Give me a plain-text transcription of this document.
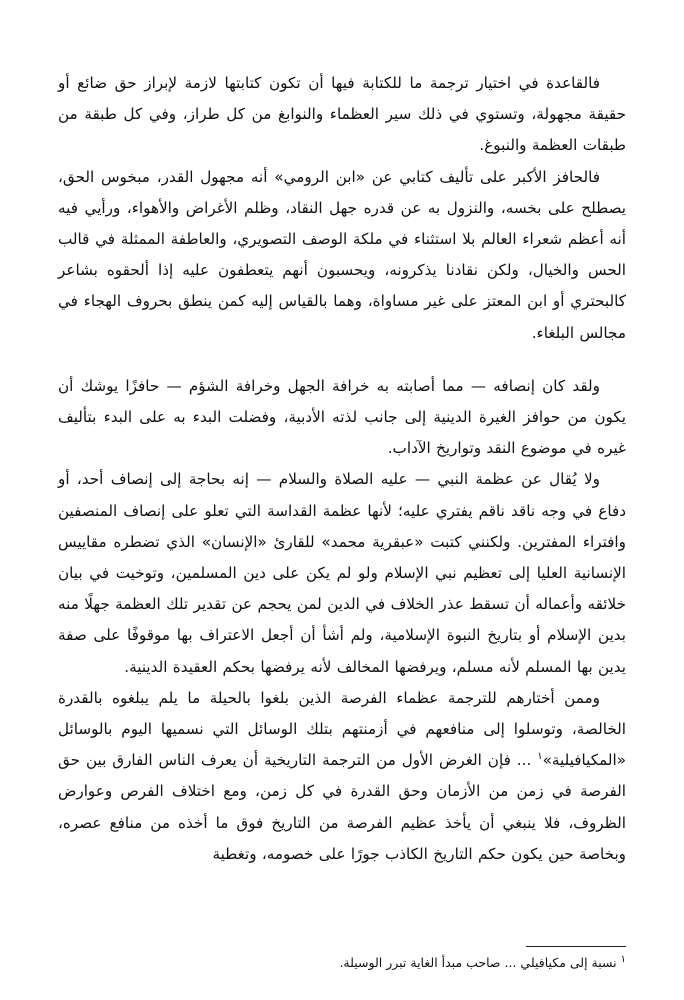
فالقاعدة في اختيار ترجمة ما للكتابة فيها أن تكون كتابتها لازمة لإبراز حق ضائع أو حقيقة مجهولة، وتستوي في ذلك سير العظماء والنوابغ من كل طراز، وفي كل طبقة من طبقات العظمة والنبوغ.

فالحافز الأكبر على تأليف كتابي عن «ابن الرومي» أنه مجهول القدر، مبخوس الحق، يصطلح على بخسه، والنزول به عن قدره جهل النقاد، وظلم الأغراض والأهواء، ورأيي فيه أنه أعظم شعراء العالم بلا استثناء في ملكة الوصف التصويري، والعاطفة الممثلة في قالب الحس والخيال، ولكن نقادنا يذكرونه، ويحسبون أنهم يتعطفون عليه إذا ألحقوه بشاعر كالبحتري أو ابن المعتز على غير مساواة، وهما بالقياس إليه كمن ينطق بحروف الهجاء في مجالس البلغاء.

ولقد كان إنصافه — مما أصابته به خرافة الجهل وخرافة الشؤم — حافزًا يوشك أن يكون من حوافز الغيرة الدينية إلى جانب لذته الأدبية، وفضلت البدء به على البدء بتأليف غيره في موضوع النقد وتواريخ الآداب.

ولا يُقال عن عظمة النبي — عليه الصلاة والسلام — إنه بحاجة إلى إنصاف أحد، أو دفاع في وجه ناقد ناقم يفتري عليه؛ لأنها عظمة القداسة التي تعلو على إنصاف المنصفين وافتراء المفترين. ولكنني كتبت «عبقرية محمد» للقارئ «الإنسان» الذي تضطره مقاييس الإنسانية العليا إلى تعظيم نبي الإسلام ولو لم يكن على دين المسلمين، وتوخيت في بيان خلائقه وأعماله أن تسقط عذر الخلاف في الدين لمن يحجم عن تقدير تلك العظمة جهلًا منه بدين الإسلام أو بتاريخ النبوة الإسلامية، ولم أشأ أن أجعل الاعتراف بها موقوفًا على صفة يدين بها المسلم لأنه مسلم، ويرفضها المخالف لأنه يرفضها بحكم العقيدة الدينية.

وممن أختارهم للترجمة عظماء الفرصة الذين بلغوا بالحيلة ما يلم يبلغوه بالقدرة الخالصة، وتوسلوا إلى منافعهم في أزمنتهم بتلك الوسائل التي نسميها اليوم بالوسائل «المكيافيلية»$^١$ ... فإن الغرض الأول من الترجمة التاريخية أن يعرف الناس الفارق بين حق الفرصة في زمن من الأزمان وحق القدرة في كل زمن، ومع اختلاف الفرص وعوارض الظروف، فلا ينبغي أن يأخذ عظيم الفرصة من التاريخ فوق ما أخذه من منافع عصره، وبخاصة حين يكون حكم التاريخ الكاذب جورًا على خصومه، وتغطية

$^١$ نسبة إلى مكيافيلي ... صاحب مبدأ الغاية تبرر الوسيلة.
